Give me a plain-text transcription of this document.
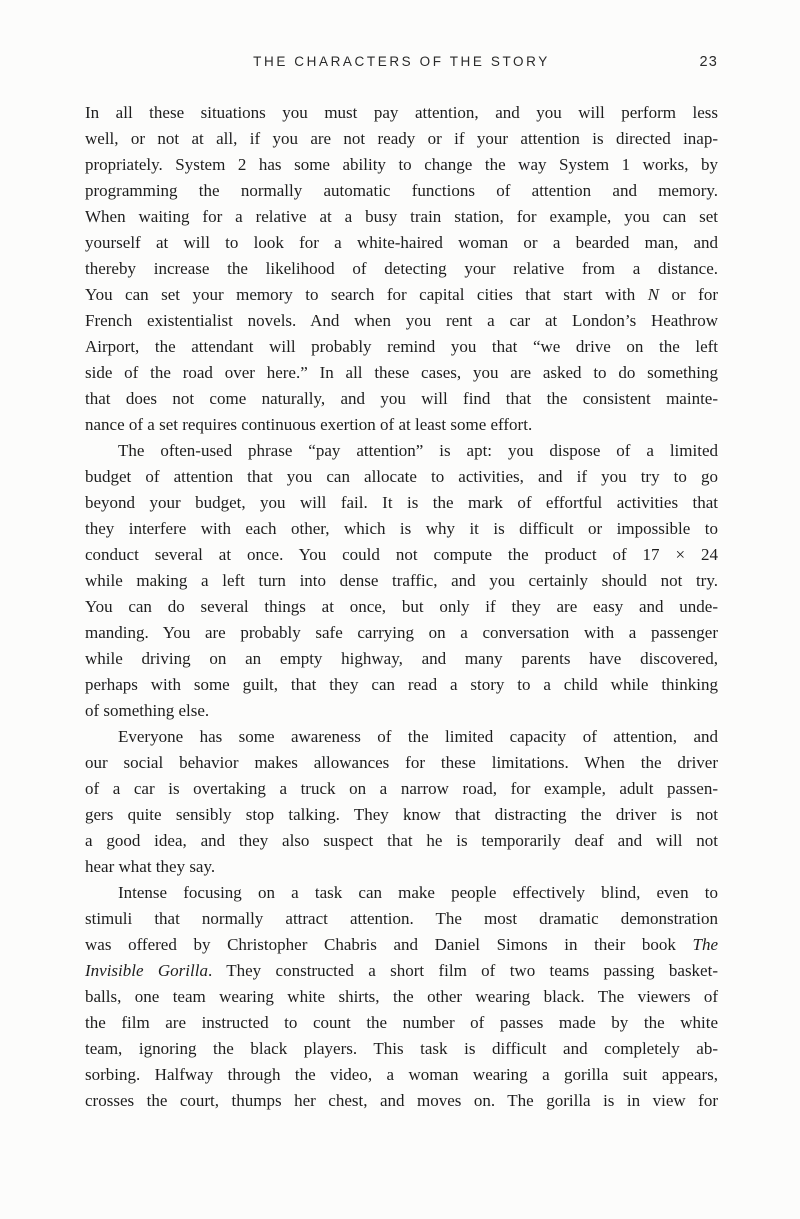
THE CHARACTERS OF THE STORY	23
In all these situations you must pay attention, and you will perform less
well, or not at all, if you are not ready or if your attention is directed inap-
propriately. System 2 has some ability to change the way System 1 works, by
programming the normally automatic functions of attention and memory.
When waiting for a relative at a busy train station, for example, you can set
yourself at will to look for a white-haired woman or a bearded man, and
thereby increase the likelihood of detecting your relative from a distance.
You can set your memory to search for capital cities that start with N or for
French existentialist novels. And when you rent a car at London’s Heathrow
Airport, the attendant will probably remind you that “we drive on the left
side of the road over here.” In all these cases, you are asked to do something
that does not come naturally, and you will find that the consistent mainte-
nance of a set requires continuous exertion of at least some effort.
The often-used phrase “pay attention” is apt: you dispose of a limited
budget of attention that you can allocate to activities, and if you try to go
beyond your budget, you will fail. It is the mark of effortful activities that
they interfere with each other, which is why it is difficult or impossible to
conduct several at once. You could not compute the product of 17 × 24
while making a left turn into dense traffic, and you certainly should not try.
You can do several things at once, but only if they are easy and unde-
manding. You are probably safe carrying on a conversation with a passenger
while driving on an empty highway, and many parents have discovered,
perhaps with some guilt, that they can read a story to a child while thinking
of something else.
Everyone has some awareness of the limited capacity of attention, and
our social behavior makes allowances for these limitations. When the driver
of a car is overtaking a truck on a narrow road, for example, adult passen-
gers quite sensibly stop talking. They know that distracting the driver is not
a good idea, and they also suspect that he is temporarily deaf and will not
hear what they say.
Intense focusing on a task can make people effectively blind, even to
stimuli that normally attract attention. The most dramatic demonstration
was offered by Christopher Chabris and Daniel Simons in their book The
Invisible Gorilla. They constructed a short film of two teams passing basket-
balls, one team wearing white shirts, the other wearing black. The viewers of
the film are instructed to count the number of passes made by the white
team, ignoring the black players. This task is difficult and completely ab-
sorbing. Halfway through the video, a woman wearing a gorilla suit appears,
crosses the court, thumps her chest, and moves on. The gorilla is in view for
